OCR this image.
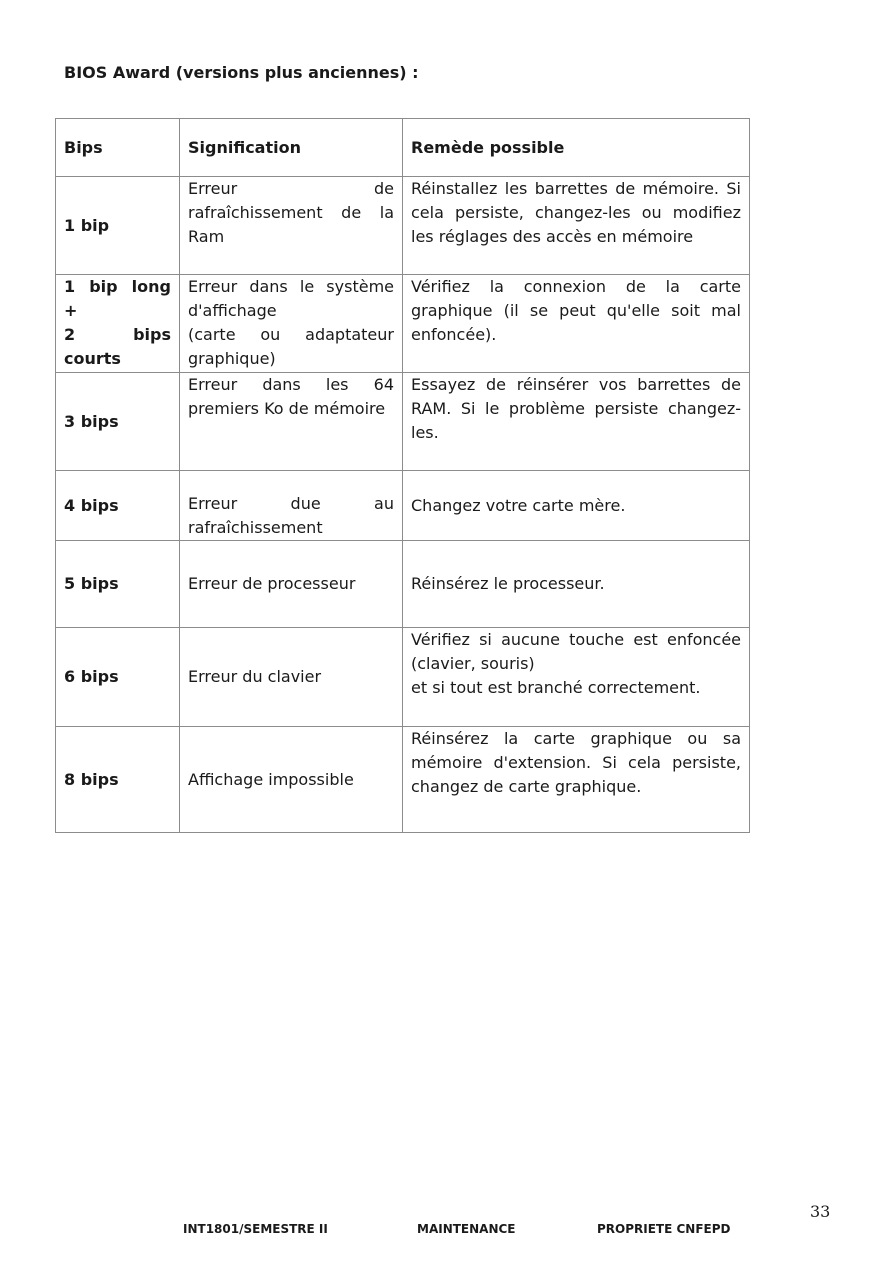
BIOS Award (versions plus anciennes) :
Bips	Signification	Remède possible

1 bip	Erreur de
rafraîchissement de la
Ram	Réinstallez les barrettes de mémoire. Si
cela persiste, changez-les ou modifiez
les réglages des accès en mémoire

1 bip long +
2 bips
courts	Erreur dans le système
d'affichage
(carte ou adaptateur
graphique)	Vérifiez la connexion de la carte
graphique (il se peut qu'elle soit mal
enfoncée).

3 bips	Erreur dans les 64
premiers Ko de mémoire	Essayez de réinsérer vos barrettes de
RAM. Si le problème persiste changez-
les.

4 bips	Erreur due au
rafraîchissement	Changez votre carte mère.

5 bips	Erreur de processeur	Réinsérez le processeur.

6 bips	Erreur du clavier	Vérifiez si aucune touche est enfoncée
(clavier, souris)
et si tout est branché correctement.

8 bips	Affichage impossible	Réinsérez la carte graphique ou sa
mémoire d'extension. Si cela persiste,
changez de carte graphique.
33
INT1801/SEMESTRE II	MAINTENANCE	PROPRIETE CNFEPD
